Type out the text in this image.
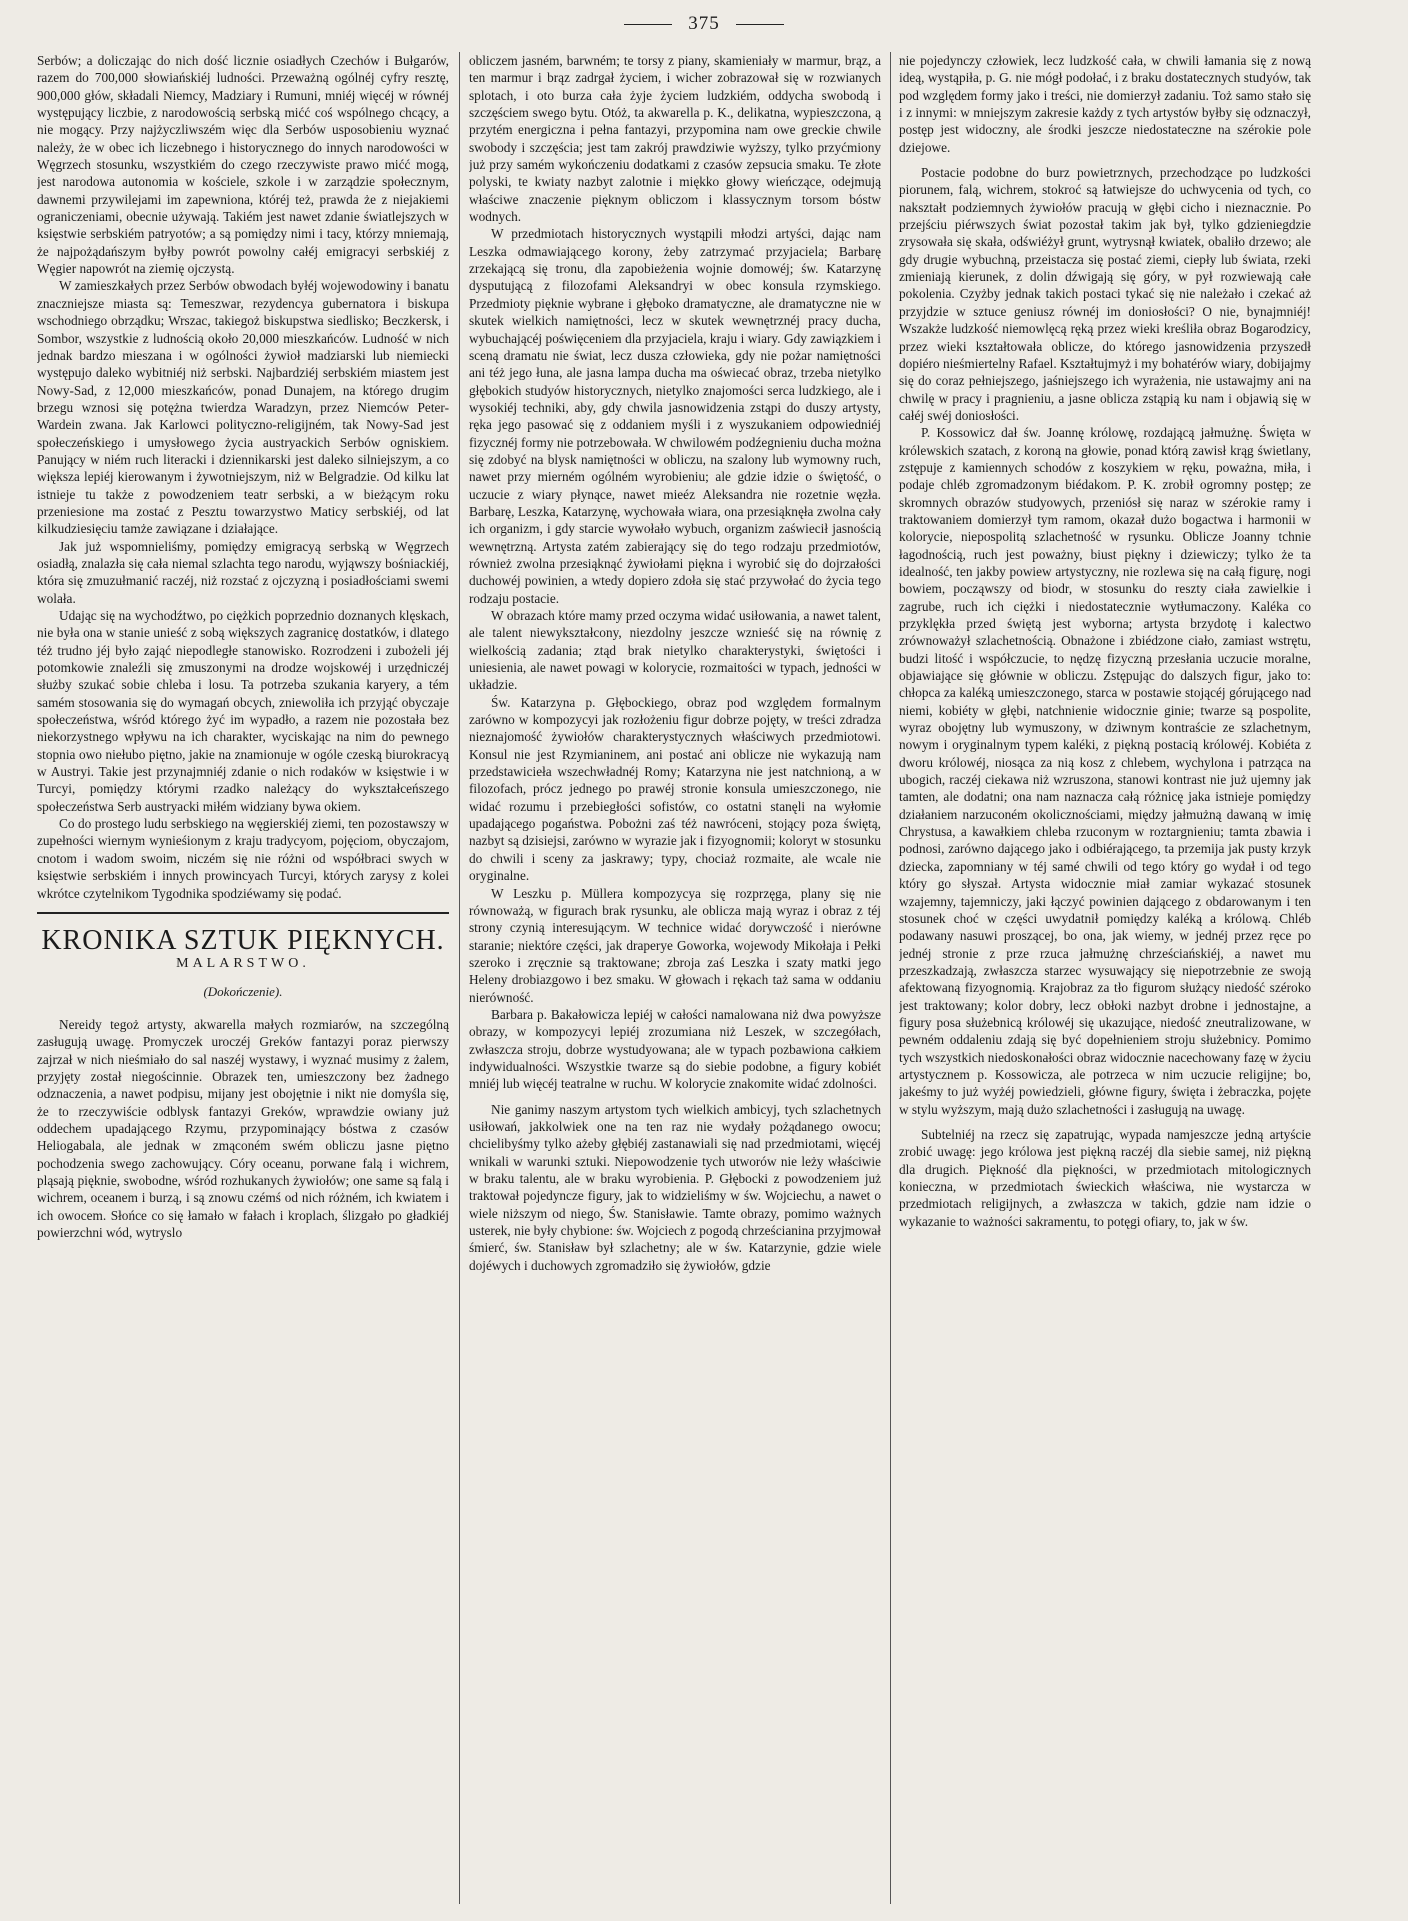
375

Serbów; a doliczając do nich dość licznie osiadłych Czechów i Bułgarów, razem do 700,000 słowiańskiéj ludności. Przeważną ogólnéj cyfry resztę, 900,000 głów, składali Niemcy, Madziary i Rumuni, mniéj więcéj w równéj występujący liczbie, z narodowością serbską mićć coś wspólnego chcący, a nie mogący. Przy najżyczliwszém więc dla Serbów usposobieniu wyznać należy, że w obec ich liczebnego i historycznego do innych narodowości w Węgrzech stosunku, wszystkiém do czego rzeczywiste prawo mićć mogą, jest narodowa autonomia w kościele, szkole i w zarządzie społecznym, dawnemi przywilejami im zapewniona, któréj też, prawda że z niejakiemi ograniczeniami, obecnie używają. Takiém jest nawet zdanie światlejszych w księstwie serbskiém patryotów; a są pomiędzy nimi i tacy, którzy mniemają, że najpożądańszym byłby powrót powolny całéj emigracyi serbskiéj z Węgier napowrót na ziemię ojczystą.

W zamieszkałych przez Serbów obwodach byłéj wojewodowiny i banatu znaczniejsze miasta są: Temeszwar, rezydencya gubernatora i biskupa wschodniego obrządku; Wrszac, takiegoż biskupstwa siedlisko; Beczkersk, i Sombor, wszystkie z ludnością około 20,000 mieszkańców. Ludność w nich jednak bardzo mieszana i w ogólności żywioł madziarski lub niemiecki występujo daleko wybitniéj niż serbski. Najbardziéj serbskiém miastem jest Nowy-Sad, z 12,000 mieszkańców, ponad Dunajem, na którego drugim brzegu wznosi się potężna twierdza Waradzyn, przez Niemców Peter-Wardein zwana. Jak Karlowci polityczno-religijném, tak Nowy-Sad jest społeczeńskiego i umysłowego życia austryackich Serbów ogniskiem. Panujący w niém ruch literacki i dziennikarski jest daleko silniejszym, a co większa lepiéj kierowanym i żywotniejszym, niż w Belgradzie. Od kilku lat istnieje tu także z powodzeniem teatr serbski, a w bieżącym roku przeniesione ma zostać z Pesztu towarzystwo Maticy serbskiéj, od lat kilkudziesięciu tamże zawiązane i działające.

Jak już wspomnieliśmy, pomiędzy emigracyą serbską w Węgrzech osiadłą, znalazła się cała niemal szlachta tego narodu, wyjąwszy bośniackiéj, która się zmuzułmanić raczéj, niż rozstać z ojczyzną i posiadłościami swemi wolała.

Udając się na wychodźtwo, po ciężkich poprzednio doznanych klęskach, nie była ona w stanie unieść z sobą większych zagranicę dostatków, i dlatego téż trudno jéj było zająć niepodległe stanowisko. Rozrodzeni i zubożeli jéj potomkowie znaleźli się zmuszonymi na drodze wojskowéj i urzędniczéj służby szukać sobie chleba i losu. Ta potrzeba szukania karyery, a tém samém stosowania się do wymagań obcych, zniewoliła ich przyjąć obyczaje społeczeństwa, wśród którego żyć im wypadło, a razem nie pozostała bez niekorzystnego wpływu na ich charakter, wyciskając na nim do pewnego stopnia owo niełubo piętno, jakie na znamionuje w ogóle czeską biurokracyą w Austryi. Takie jest przynajmniéj zdanie o nich rodaków w księstwie i w Turcyi, pomiędzy którymi rzadko należący do wykształceńszego społeczeństwa Serb austryacki miłém widziany bywa okiem.

Co do prostego ludu serbskiego na węgierskiéj ziemi, ten pozostawszy w zupełności wiernym wynieśionym z kraju tradycyom, pojęciom, obyczajom, cnotom i wadom swoim, niczém się nie różni od współbraci swych w księstwie serbskiém i innych prowincyach Turcyi, których zarysy z kolei wkrótce czytelnikom Tygodnika spodziéwamy się podać.

KRONIKA SZTUK PIĘKNYCH.

MALARSTWO.

(Dokończenie).

Nereidy tegoż artysty, akwarella małych rozmiarów, na szczególną zasługują uwagę. Promyczek uroczéj Greków fantazyi poraz pierwszy zajrzał w nich nieśmiało do sal naszéj wystawy, i wyznać musimy z żalem, przyjęty został niegościnnie. Obrazek ten, umieszczony bez żadnego odznaczenia, a nawet podpisu, mijany jest obojętnie i nikt nie domyśla się, że to rzeczywiście odblysk fantazyi Greków, wprawdzie owiany już oddechem upadającego Rzymu, przypominający bóstwa z czasów Heliogabala, ale jednak w zmąconém swém obliczu jasne piętno pochodzenia swego zachowujący. Córy oceanu, porwane falą i wichrem, pląsają pięknie, swobodne, wśród rozhukanych żywiołów; one same są falą i wichrem, oceanem i burzą, i są znowu czémś od nich różném, ich kwiatem i ich owocem. Słońce co się łamało w fałach i kroplach, ślizgało po gładkiéj powierzchni wód, wytryslo

obliczem jasném, barwném; te torsy z piany, skamieniały w marmur, brąz, a ten marmur i brąz zadrgał życiem, i wicher zobrazował się w rozwianych splotach, i oto burza cała żyje życiem ludzkiém, oddycha swobodą i szczęściem swego bytu. Otóż, ta akwarella p. K., delikatna, wypieszczona, ą przytém energiczna i pełna fantazyi, przypomina nam owe greckie chwile swobody i szczęścia; jest tam zakrój prawdziwie wyższy, tylko przyćmiony już przy samém wykończeniu dodatkami z czasów zepsucia smaku. Te złote polyski, te kwiaty nazbyt zalotnie i miękko głowy wieńczące, odejmują właściwe znaczenie pięknym obliczom i klassycznym torsom bóstw wodnych.

W przedmiotach historycznych wystąpili młodzi artyści, dając nam Leszka odmawiającego korony, żeby zatrzymać przyjaciela; Barbarę zrzekającą się tronu, dla zapobieżenia wojnie domowéj; św. Katarzynę dysputującą z filozofami Aleksandryi w obec konsula rzymskiego. Przedmioty pięknie wybrane i głęboko dramatyczne, ale dramatyczne nie w skutek wielkich namiętności, lecz w skutek wewnętrznéj pracy ducha, wybuchającéj poświęceniem dla przyjaciela, kraju i wiary. Gdy zawiązkiem i sceną dramatu nie świat, lecz dusza człowieka, gdy nie pożar namiętności ani téż jego łuna, ale jasna lampa ducha ma oświecać obraz, trzeba nietylko głębokich studyów historycznych, nietylko znajomości serca ludzkiego, ale i wysokiéj techniki, aby, gdy chwila jasnowidzenia zstąpi do duszy artysty, ręka jego pasować się z oddaniem myśli i z wyszukaniem odpowiedniéj fizycznéj formy nie potrzebowała. W chwilowém podźegnieniu ducha można się zdobyć na blysk namiętności w obliczu, na szalony lub wymowny ruch, nawet przy mierném ogólném wyrobieniu; ale gdzie idzie o świętość, o uczucie z wiary płynące, nawet mieéz Aleksandra nie rozetnie węzła. Barbarę, Leszka, Katarzynę, wychowała wiara, ona przesiąknęła zwolna cały ich organizm, i gdy starcie wywołało wybuch, organizm zaświecił jasnością wewnętrzną. Artysta zatém zabierający się do tego rodzaju przedmiotów, również zwolna przesiąknąć żywiołami piękna i wyrobić się do dojrzałości duchowéj powinien, a wtedy dopiero zdoła się stać przywołać do życia tego rodzaju postacie.

W obrazach które mamy przed oczyma widać usiłowania, a nawet talent, ale talent niewykształcony, niezdolny jeszcze wznieść się na równię z wielkością zadania; ztąd brak nietylko charakterystyki, świętości i uniesienia, ale nawet powagi w kolorycie, rozmaitości w typach, jedności w układzie.

Św. Katarzyna p. Głębockiego, obraz pod względem formalnym zarówno w kompozycyi jak rozłożeniu figur dobrze pojęty, w treści zdradza nieznajomość żywiołów charakterystycznych właściwych przedmiotowi. Konsul nie jest Rzymianinem, ani postać ani oblicze nie wykazują nam przedstawicieła wszechwładnéj Romy; Katarzyna nie jest natchnioną, a w filozofach, prócz jednego po prawéj stronie konsula umieszczonego, nie widać rozumu i przebiegłości sofistów, co ostatni stanęli na wyłomie upadającego pogaństwa. Pobożni zaś téż nawróceni, stojący poza świętą, nazbyt są dzisiejsi, zarówno w wyrazie jak i fizyognomii; koloryt w stosunku do chwili i sceny za jaskrawy; typy, chociaż rozmaite, ale wcale nie oryginalne.

W Leszku p. Müllera kompozycya się rozprzęga, plany się nie równoważą, w figurach brak rysunku, ale oblicza mają wyraz i obraz z téj strony czynią interesującym. W technice widać dorywczość i nierówne staranie; niektóre części, jak draperye Goworka, wojewody Mikołaja i Pełki szeroko i zręcznie są traktowane; zbroja zaś Leszka i szaty matki jego Heleny drobiazgowo i bez smaku. W głowach i rękach taż sama w oddaniu nierówność.

Barbara p. Bakałowicza lepiéj w całości namalowana niż dwa powyższe obrazy, w kompozycyi lepiéj zrozumiana niż Leszek, w szczegółach, zwłaszcza stroju, dobrze wystudyowana; ale w typach pozbawiona całkiem indywidualności. Wszystkie twarze są do siebie podobne, a figury kobiét mniéj lub więcéj teatralne w ruchu. W kolorycie znakomite widać zdolności.

Nie ganimy naszym artystom tych wielkich ambicyj, tych szlachetnych usiłowań, jakkolwiek one na ten raz nie wydały pożądanego owocu; chcielibyśmy tylko ażeby głębiéj zastanawiali się nad przedmiotami, więcéj wnikali w warunki sztuki. Niepowodzenie tych utworów nie leży właściwie w braku talentu, ale w braku wyrobienia. P. Głębocki z powodzeniem już traktował pojedyncze figury, jak to widzieliśmy w św. Wojciechu, a nawet o wiele niższym od niego, Św. Stanisławie. Tamte obrazy, pomimo ważnych usterek, nie były chybione: św. Wojciech z pogodą chrześcianina przyjmował śmierć, św. Stanisław był szlachetny; ale w św. Katarzynie, gdzie wiele dojéwych i duchowych zgromadziło się żywiołów, gdzie

nie pojedynczy człowiek, lecz ludzkość cała, w chwili łamania się z nową ideą, wystąpiła, p. G. nie mógł podołać, i z braku dostatecznych studyów, tak pod względem formy jako i treści, nie domierzył zadaniu. Toż samo stało się i z innymi: w mniejszym zakresie każdy z tych artystów byłby się odznaczył, postęp jest widoczny, ale środki jeszcze niedostateczne na szérokie pole dziejowe.

Postacie podobne do burz powietrznych, przechodzące po ludzkości piorunem, falą, wichrem, stokroć są łatwiejsze do uchwycenia od tych, co nakształt podziemnych żywiołów pracują w głębi cicho i nieznacznie. Po przejściu piérwszych świat pozostał takim jak był, tylko gdzieniegdzie zrysowała się skała, odświéżył grunt, wytrysnął kwiatek, obaliło drzewo; ale gdy drugie wybuchną, przeistacza się postać ziemi, ciepły lub świata, rzeki zmieniają kierunek, z dolin dźwigają się góry, w pył rozwiewają całe pokolenia. Czyżby jednak takich postaci tykać się nie należało i czekać aż przyjdzie w sztuce geniusz równéj im doniosłości? O nie, bynajmniéj! Wszakże ludzkość niemowlęcą ręką przez wieki kreśliła obraz Bogarodzicy, przez wieki kształtowała oblicze, do którego jasnowidzenia przyszedł dopiéro nieśmiertelny Rafael. Kształtujmyż i my bohatérów wiary, dobijajmy się do coraz pełniejszego, jaśniejszego ich wyrażenia, nie ustawajmy ani na chwilę w pracy i pragnieniu, a jasne oblicza zstąpią ku nam i objawią się w całéj swéj doniosłości.

P. Kossowicz dał św. Joannę królowę, rozdającą jałmużnę. Święta w królewskich szatach, z koroną na głowie, ponad którą zawisł krąg świetlany, zstępuje z kamiennych schodów z koszykiem w ręku, poważna, miła, i podaje chléb zgromadzonym biédakom. P. K. zrobił ogromny postęp; ze skromnych obrazów studyowych, przeniósł się naraz w szérokie ramy i traktowaniem domierzył tym ramom, okazał dużo bogactwa i harmonii w kolorycie, niepospolitą szlachetność w rysunku. Oblicze Joanny tchnie łagodnością, ruch jest poważny, biust piękny i dziewiczy; tylko że ta idealność, ten jakby powiew artystyczny, nie rozlewa się na całą figurę, nogi bowiem, począwszy od biodr, w stosunku do reszty ciała zawielkie i zagrube, ruch ich ciężki i niedostatecznie wytłumaczony. Kaléka co przyklękła przed świętą jest wyborna; artysta brzydotę i kalectwo zrównoważył szlachetnością. Obnażone i zbiédzone ciało, zamiast wstrętu, budzi litość i współczucie, to nędzę fizyczną przesłania uczucie moralne, objawiające się głównie w obliczu. Zstępując do dalszych figur, jako to: chłopca za kaléką umieszczonego, starca w postawie stojącéj górującego nad niemi, kobiéty w głębi, natchnienie widocznie ginie; twarze są pospolite, wyraz obojętny lub wymuszony, w dziwnym kontraście ze szlachetnym, nowym i oryginalnym typem kaléki, z piękną postacią królowéj. Kobiéta z dworu królowéj, niosąca za nią kosz z chlebem, wychylona i patrząca na ubogich, raczéj ciekawa niż wzruszona, stanowi kontrast nie już ujemny jak tamten, ale dodatni; ona nam naznacza całą różnicę jaka istnieje pomiędzy działaniem narzuconém okolicznościami, między jałmużną dawaną w imię Chrystusa, a kawałkiem chleba rzuconym w roztargnieniu; tamta zbawia i podnosi, zarówno dającego jako i odbiérającego, ta przemija jak pusty krzyk dziecka, zapomniany w téj samé chwili od tego który go wydał i od tego który go słyszał. Artysta widocznie miał zamiar wykazać stosunek wzajemny, tajemniczy, jaki łączyć powinien dającego z obdarowanym i ten stosunek choć w części uwydatnił pomiędzy kaléką a królową. Chléb podawany nasuwi proszącej, bo ona, jak wiemy, w jednéj przez ręce po jednéj stronie z prze rzuca jałmużnę chrześciańskiéj, a nawet mu przeszkadzają, zwłaszcza starzec wysuwający się niepotrzebnie ze swoją afektowaną fizyognomią. Krajobraz za tło figurom służący niedość széroko jest traktowany; kolor dobry, lecz obłoki nazbyt drobne i jednostajne, a figury posa służebnicą królowéj się ukazujące, niedość zneutralizowane, w pewném oddaleniu zdają się być dopełnieniem stroju służebnicy. Pomimo tych wszystkich niedoskonałości obraz widocznie nacechowany fazę w życiu artystycznem p. Kossowicza, ale potrzeca w nim uczucie religijne; bo, jakeśmy to już wyżéj powiedzieli, główne figury, święta i żebraczka, pojęte w stylu wyższym, mają dużo szlachetności i zasługują na uwagę.

Subtelniéj na rzecz się zapatrując, wypada namjeszcze jedną artyście zrobić uwagę: jego królowa jest piękną raczéj dla siebie samej, niż piękną dla drugich. Piękność dla piękności, w przedmiotach mitologicznych konieczna, w przedmiotach świeckich właściwa, nie wystarcza w przedmiotach religijnych, a zwłaszcza w takich, gdzie nam idzie o wykazanie to ważności sakramentu, to potęgi ofiary, to, jak w św.
